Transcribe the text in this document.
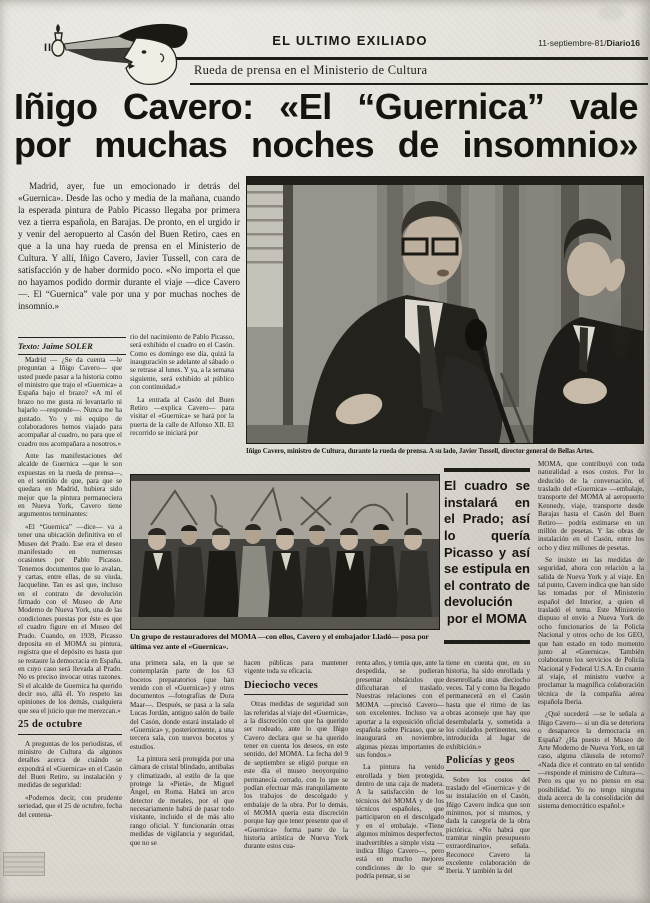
II	EL ULTIMO EXILIADO	11-septiembre-81/Diario16
Rueda de prensa en el Ministerio de Cultura
Iñigo Cavero: «El “Guernica” vale
por muchas noches de insomnio»

Madrid, ayer, fue un emocionado ir detrás del «Guernica». Desde las ocho y media de la mañana, cuando la esperada pintura de Pablo Picasso llegaba por primera vez a tierra española, en Barajas. De pronto, en el urgido ir y venir del aeropuerto al Casón del Buen Retiro, caes en que a la una hay rueda de prensa en el Ministerio de Cultura. Y allí, Iñigo Cavero, Javier Tussell, con cara de satisfacción y de haber dormido poco. «No importa el que no hayamos podido dormir durante el viaje —dice Cavero—. El “Guernica” vale por una y por muchas noches de insomnio.»

Texto: Jaime SOLER
Iñigo Cavero, ministro de Cultura, durante la rueda de prensa. A su lado, Javier Tussell, director general de Bellas Artes.

Madrid — ¿Se da cuenta —le preguntan a Iñigo Cavero— que usted puede pasar a la historia como el ministro que trajo el «Guernica» a España bajo el brazo? «A mí el brazo no me gusta ni levantarlo ni bajarlo —responde—. Nunca me ha gustado. Yo y mi equipo de colaboradores hemos viajado para acompañar al cuadro, no para que el cuadro nos acompañara a nosotros.»

Ante las manifestaciones del alcalde de Guernica —que le son expuestas en la rueda de prensa—, en el sentido de que, para que se quedara en Madrid, hubiera sido mejor que la pintura permaneciera en Nueva York, Cavero tiene argumentos terminantes:

«El “Guernica” —dice— va a tener una ubicación definitiva en el Museo del Prado. Ese era el deseo manifestado en numerosas ocasiones por Pablo Picasso. Tenemos documentos que lo avalan, y cartas, entre ellas, de su viuda, Jacqueline. Tan es así que, incluso en el contrato de devolución firmado con el Museo de Arte Moderno de Nueva York, una de las condiciones puestas por éste es que el cuadro figure en el Museo del Prado. Cuando, en 1939, Picasso deposita en el MOMA su pintura, registra que el depósito es hasta que se restaure la democracia en España, en cuyo caso será llevada al Prado. No es preciso invocar otras razones. Si el alcalde de Guernica ha querido decir eso, allá él. Yo respeto las opiniones de los demás, cualquiera que sea el juicio que me merezcan.»

25 de octubre

A preguntas de los periodistas, el ministro de Cultura da algunos detalles acerca de cuándo se expondrá el «Guernica» en el Casón del Buen Retiro, su instalación y medidas de seguridad:

«Podemos decir, con prudente seriedad, que el 25 de octubre, fecha del centena-

rio del nacimiento de Pablo Picasso, será exhibido el cuadro en el Casón. Como es domingo ese día, quizá la inauguración se adelante al sábado o se retrase al lunes. Y ya, a la semana siguiente, será exhibido al público con continuidad.»

La entrada al Casón del Buen Retiro —explica Cavero— para visitar el «Guernica» se hará por la puerta de la calle de Alfonso XII. El recorrido se iniciará por

Un grupo de restauradores del MOMA —con ellos, Cavero y el embajador Lladó— posa por última vez ante el «Guernica».
El cuadro se instalará en el Prado; así lo quería Picasso y así se estipula en el contrato de devolución por el MOMA

una primera sala, en la que se contemplarán parte de los 63 bocetos preparatorios (que han venido con el «Guernica») y otros documentos —fotografías de Dora Maar—. Después, se pasa a la sala Lucas Jordán, antiguo salón de baile del Casón, donde estará instalado el «Guernica» y, posteriormente, a una tercera sala, con nuevos bocetos y estudios.

La pintura será protegida por una cámara de cristal blindado, antibalas y climatizado, al estilo de la que protege la «Pietà», de Miguel Ángel, en Roma. Habrá un arco detector de metales, por el que necesariamente habrá de pasar todo visitante, incluido el de más alto rango oficial. Y funcionarán otras medidas de vigilancia y seguridad, que no se

hacen públicas para mantener vigente toda su eficacia.

Dieciocho veces

Otras medidas de seguridad son las referidas al viaje del «Guernica», a la discreción con que ha querido ser rodeado, ante lo que Iñigo Cavero declara que se ha querido tener en cuenta los deseos, en este sentido, del MOMA. La fecha del 9 de septiembre se eligió porque en este día el museo neoyorquino permanecía cerrado, con lo que se podían efectuar más tranquilamente los trabajos de descolgado y embalaje de la obra. Por lo demás, el MOMA quería esta discreción porque hay que tener presente que el «Guernica» forma parte de la historia artística de Nueva York durante estos cua-

renta años, y temía que, ante la despedida, se pudieran presentar obstáculos que dificultaran el traslado. Nuestras relaciones con el MOMA —precisó Cavero— son excelentes. Incluso va a aportar a la exposición oficial española sobre Picasso, que se inaugurará en noviembre, algunas piezas importantes de sus fondos.»

La pintura ha venido enrollada y bien protegida, dentro de una caja de madera. A la satisfacción de los técnicos del MOMA y de los técnicos españoles, que participaron en el descolgado y en el embalaje. «Tiene algunos mínimos desperfectos, inadvertibles a simple vista —indica Iñigo Cavero—, pero está en mucho mejores condiciones de lo que se podría pensar, si se

tiene en cuenta que, en su historia, ha sido enrollada y desenrollada unas dieciocho veces. Tal y como ha llegado permanecerá en el Casón hasta que el ritmo de las obras aconseje que hay que desembalarla y, sometida a los cuidados pertinentes, sea introducida al lugar de exhibición.»

Policías y geos

Sobre los costos del traslado del «Guernica» y de su instalación en el Casón, Iñigo Cavero indica que son mínimos, por sí mismos, y dada la categoría de la obra pictórica. «No habrá que tramitar ningún presupuesto extraordinario», señala. Reconoce Cavero la excelente colaboración de Iberia. Y también la del

MOMA, que contribuyó con toda naturalidad a esos costos. Por lo deducido de la conversación, el traslado del «Guernica» —embalaje, transporte del MOMA al aeropuerto Kennedy, viaje, transporte desde Barajas hasta el Casón del Buen Retiro— podría estimarse en un millón de pesetas. Y las obras de instalación en el Casón, entre los ocho y diez millones de pesetas.

Se insiste en las medidas de seguridad, ahora con relación a la salida de Nueva York y al viaje. En tal punto, Cavero indica que han sido las tomadas por el Ministerio español del Interior, a quien el trasladó el tema. Este Ministerio dispuso el envío a Nueva York de ocho funcionarios de la Policía Nacional y otros ocho de los GEO, que han estado en todo momento junto al «Guernica». También colaboraron los servicios de Policía Nacional y Federal U.S.A. En cuanto al viaje, el ministro vuelve a proclamar la magnífica colaboración técnica de la compañía aérea española Iberia.

¿Qué sucederá —se le señala a Iñigo Cavero— si un día se deteriora o desaparece la democracia en España? ¿Ha puesto el Museo de Arte Moderno de Nueva York, en tal caso, alguna cláusula de retorno? «Nada dice el contrato en tal sentido —responde el ministro de Cultura—. Pero es que yo no pienso en esa posibilidad. Yo no tengo ninguna duda acerca de la consolidación del sistema democrático español.»
